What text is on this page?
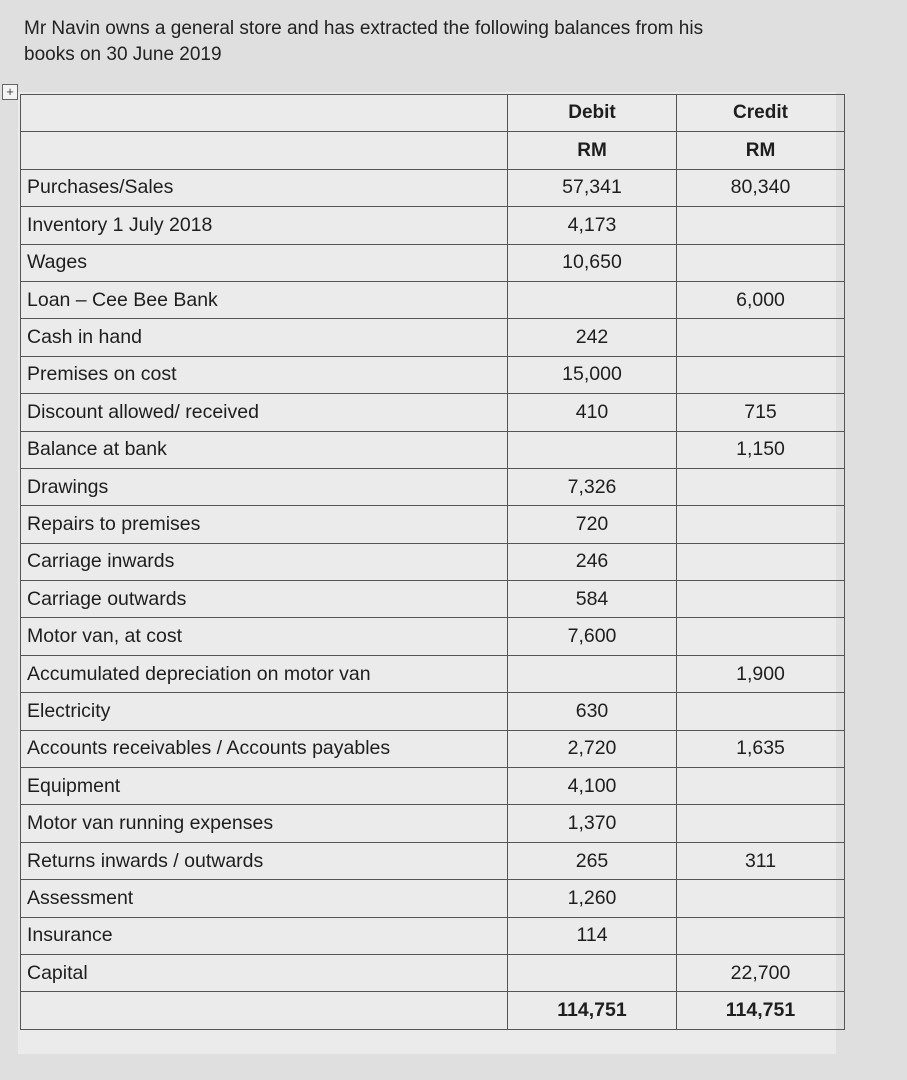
Mr Navin owns a general store and has extracted the following balances from his
books on 30 June 2019
+
	Debit	Credit
	RM	RM
Purchases/Sales	57,341	80,340
Inventory 1 July 2018	4,173	
Wages	10,650	
Loan – Cee Bee Bank		6,000
Cash in hand	242	
Premises on cost	15,000	
Discount allowed/ received	410	715
Balance at bank		1,150
Drawings	7,326	
Repairs to premises	720	
Carriage inwards	246	
Carriage outwards	584	
Motor van, at cost	7,600	
Accumulated depreciation on motor van		1,900
Electricity	630	
Accounts receivables / Accounts payables	2,720	1,635
Equipment	4,100	
Motor van running expenses	1,370	
Returns inwards / outwards	265	311
Assessment	1,260	
Insurance	114	
Capital		22,700
	114,751	114,751
